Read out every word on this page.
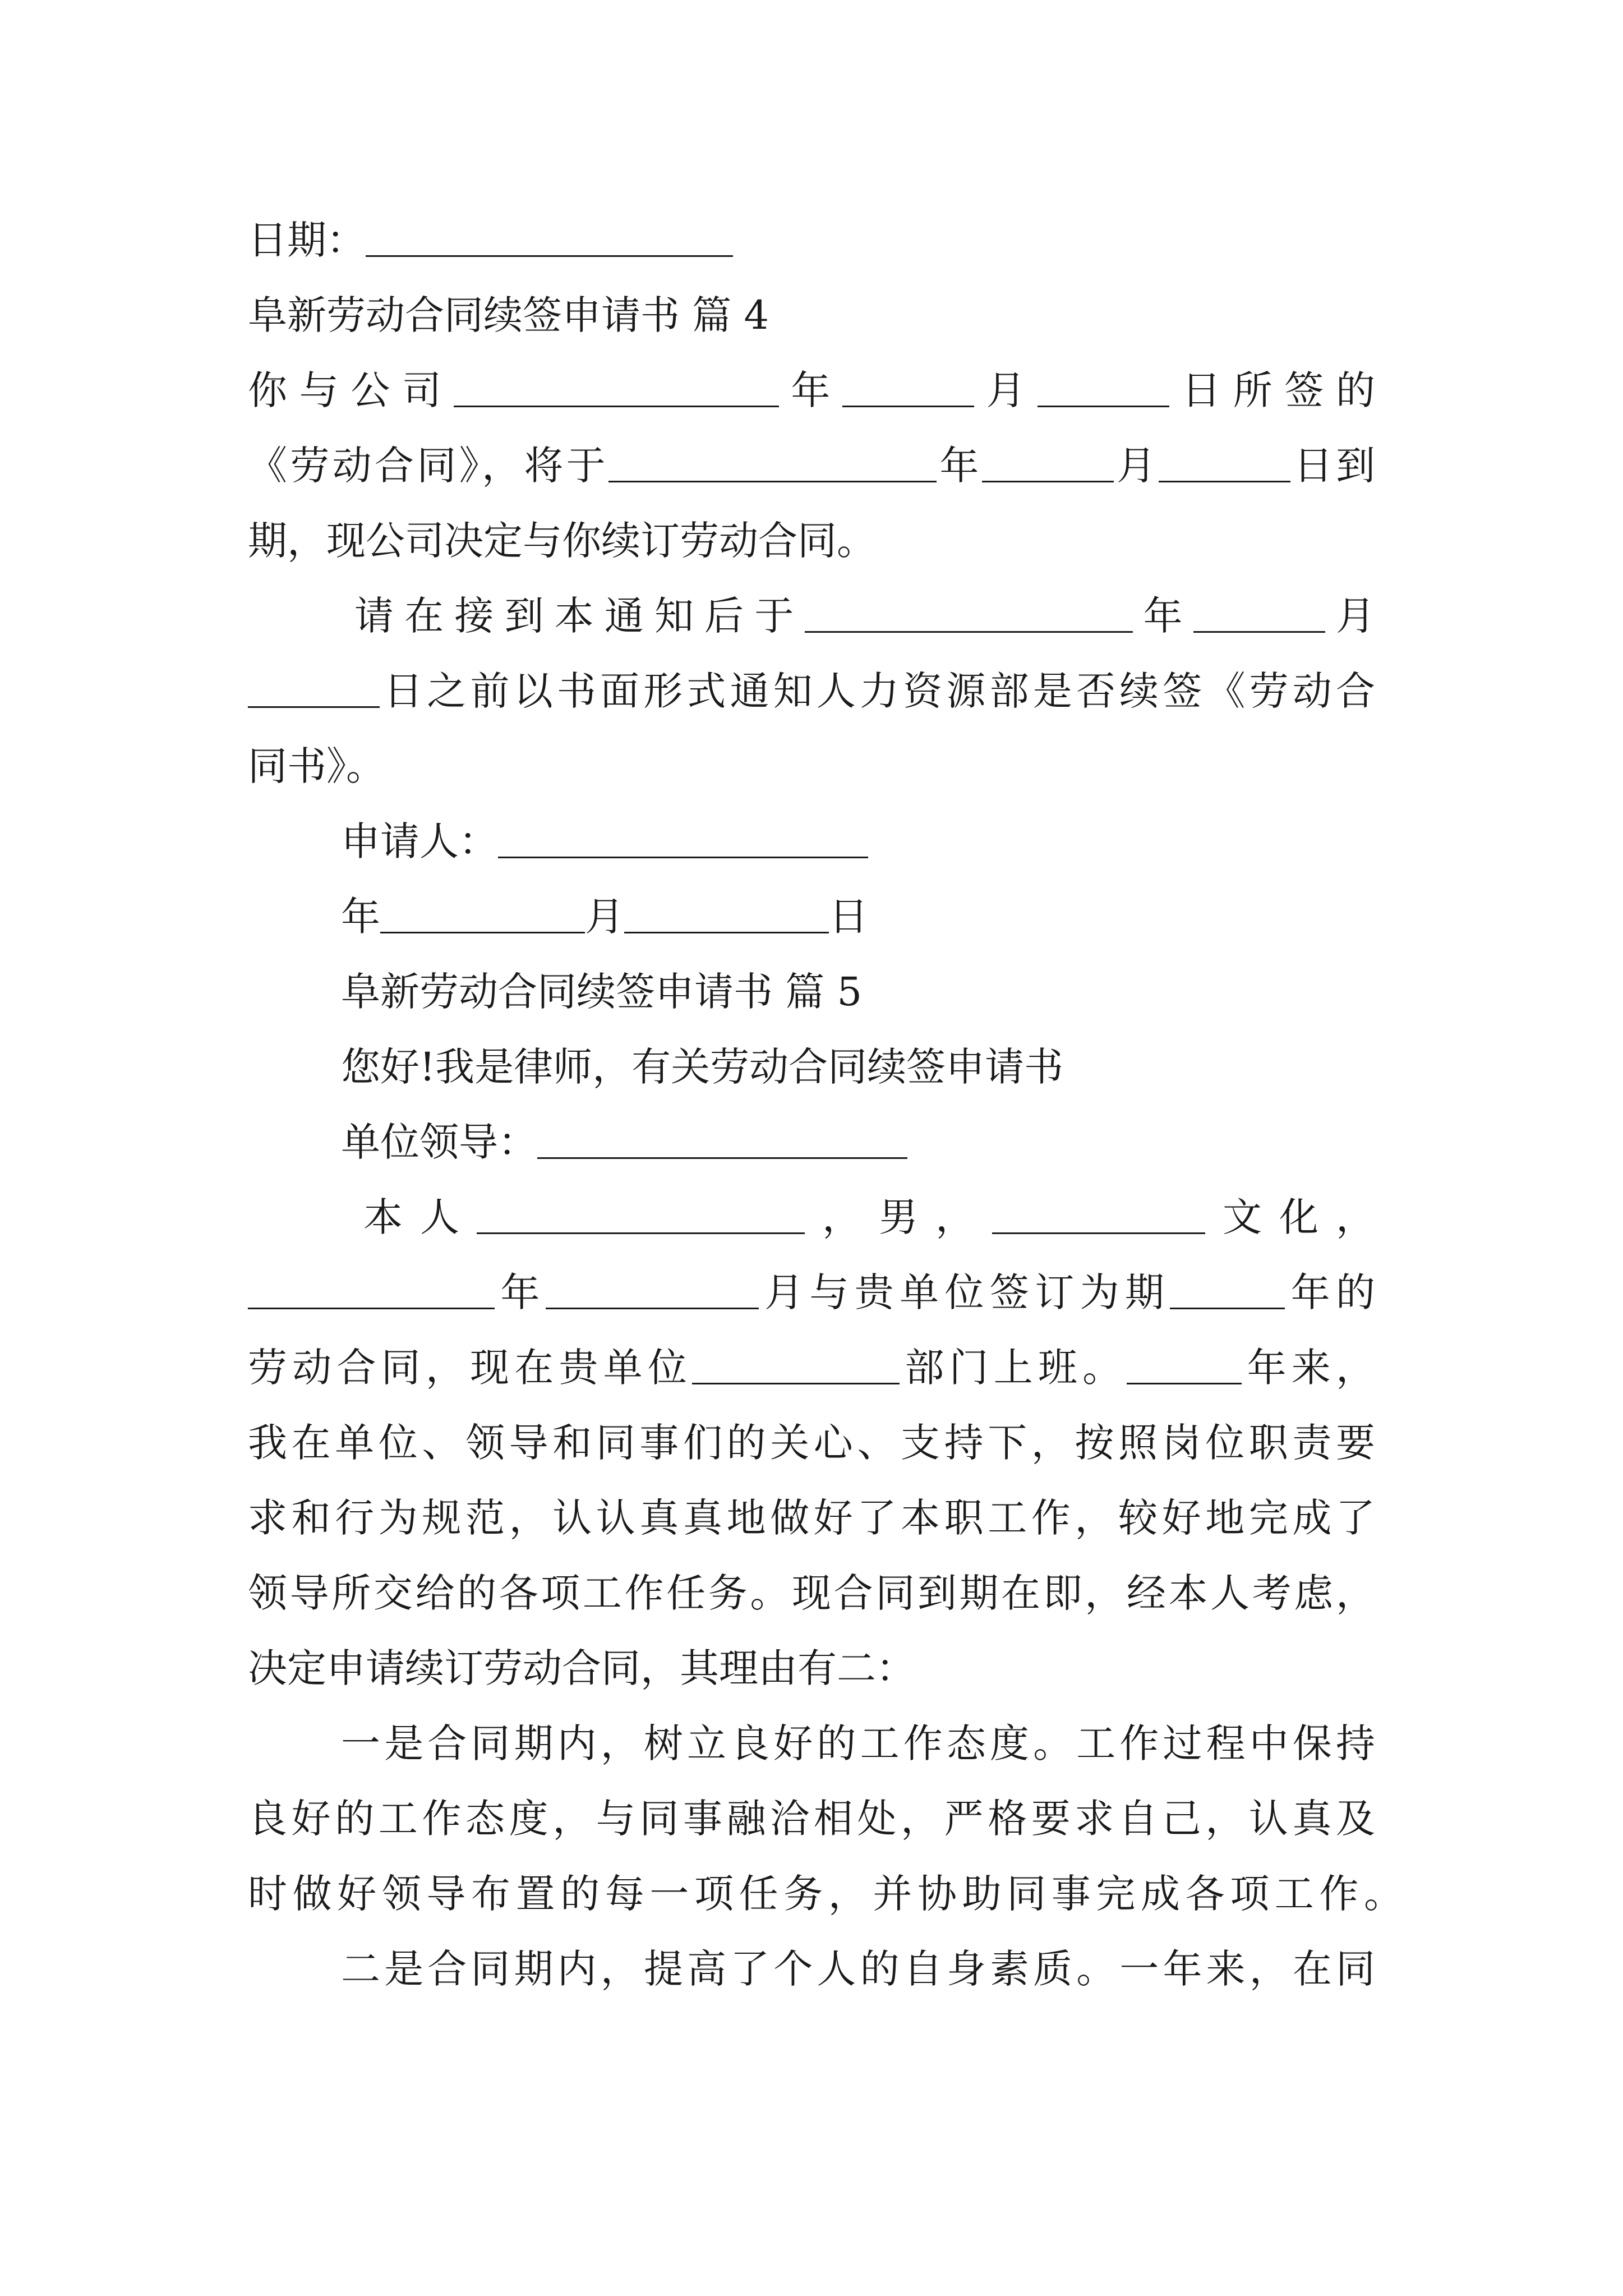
日期：
阜新劳动合同续签申请书 篇 4
你与公司	年	月	日所签的
《劳动合同》，将于	年	月	日到
期，现公司决定与你续订劳动合同。
请在接到本通知后于	年	月
日之前以书面形式通知人力资源部是否续签《劳动合
同书》。
申请人：
年	月	日
阜新劳动合同续签申请书 篇 5
您好!我是律师，有关劳动合同续签申请书
单位领导：
本人	，男，	文化，
年	月与贵单位签订为期	年的
劳动合同，现在贵单位	部门上班。	年来，
我在单位、领导和同事们的关心、支持下，按照岗位职责要
求和行为规范，认认真真地做好了本职工作，较好地完成了
领导所交给的各项工作任务。现合同到期在即，经本人考虑，
决定申请续订劳动合同，其理由有二：
一是合同期内，树立良好的工作态度。工作过程中保持
良好的工作态度，与同事融洽相处，严格要求自己，认真及
时做好领导布置的每一项任务，并协助同事完成各项工作。
二是合同期内，提高了个人的自身素质。一年来，在同
